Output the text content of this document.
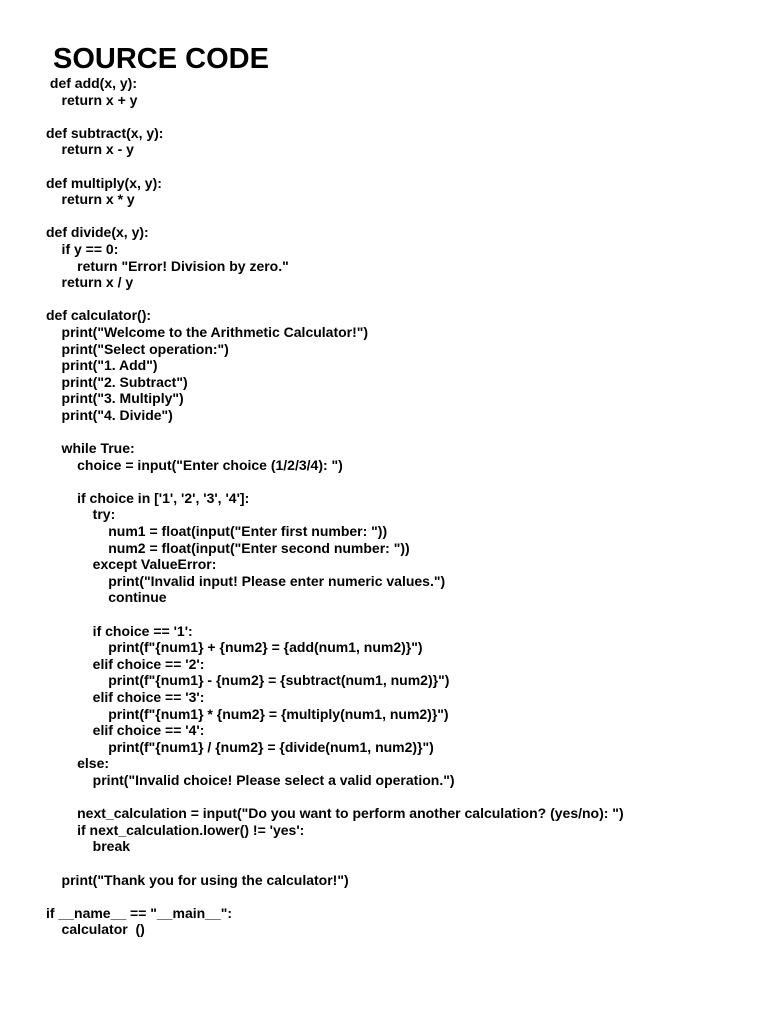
SOURCE CODE
def add(x, y):
return x + y
def subtract(x, y):
return x - y
def multiply(x, y):
return x * y
def divide(x, y):
if y == 0:
return "Error! Division by zero."
return x / y
def calculator():
print("Welcome to the Arithmetic Calculator!")
print("Select operation:")
print("1. Add")
print("2. Subtract")
print("3. Multiply")
print("4. Divide")
while True:
choice = input("Enter choice (1/2/3/4): ")
if choice in ['1', '2', '3', '4']:
try:
num1 = float(input("Enter first number: "))
num2 = float(input("Enter second number: "))
except ValueError:
print("Invalid input! Please enter numeric values.")
continue
if choice == '1':
print(f"{num1} + {num2} = {add(num1, num2)}")
elif choice == '2':
print(f"{num1} - {num2} = {subtract(num1, num2)}")
elif choice == '3':
print(f"{num1} * {num2} = {multiply(num1, num2)}")
elif choice == '4':
print(f"{num1} / {num2} = {divide(num1, num2)}")
else:
print("Invalid choice! Please select a valid operation.")
next_calculation = input("Do you want to perform another calculation? (yes/no): ")
if next_calculation.lower() != 'yes':
break
print("Thank you for using the calculator!")
if __name__ == "__main__":
calculator  ()
